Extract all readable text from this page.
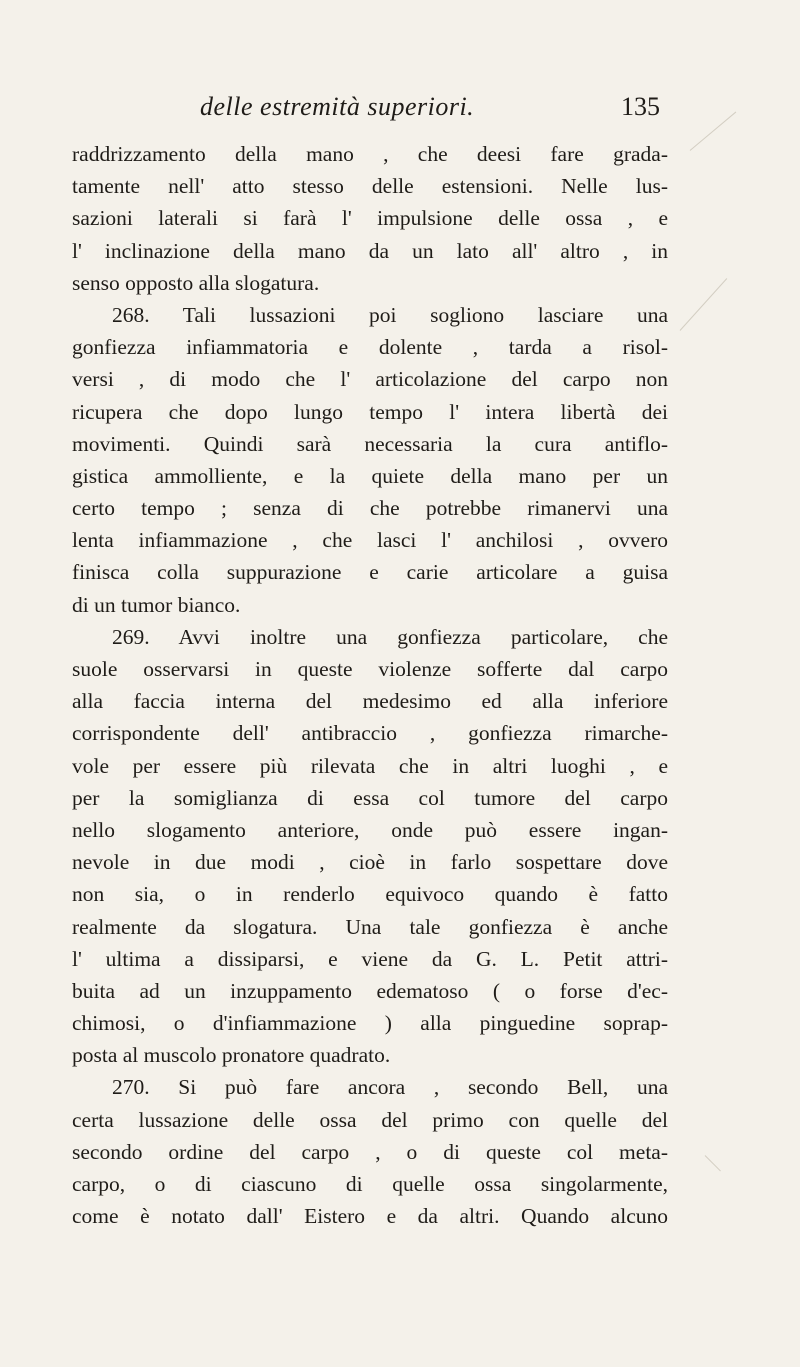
delle estremità superiori.	135
raddrizzamento della mano , che deesi fare grada-
tamente nell' atto stesso delle estensioni. Nelle lus-
sazioni laterali si farà l' impulsione delle ossa , e
l' inclinazione della mano da un lato all' altro , in
senso opposto alla slogatura.
268. Tali lussazioni poi sogliono lasciare una
gonfiezza infiammatoria e dolente , tarda a risol-
versi , di modo che l' articolazione del carpo non
ricupera che dopo lungo tempo l' intera libertà dei
movimenti. Quindi sarà necessaria la cura antiflo-
gistica ammolliente, e la quiete della mano per un
certo tempo ; senza di che potrebbe rimanervi una
lenta infiammazione , che lasci l' anchilosi , ovvero
finisca colla suppurazione e carie articolare a guisa
di un tumor bianco.
269. Avvi inoltre una gonfiezza particolare, che
suole osservarsi in queste violenze sofferte dal carpo
alla faccia interna del medesimo ed alla inferiore
corrispondente dell' antibraccio , gonfiezza rimarche-
vole per essere più rilevata che in altri luoghi , e
per la somiglianza di essa col tumore del carpo
nello slogamento anteriore, onde può essere ingan-
nevole in due modi , cioè in farlo sospettare dove
non sia, o in renderlo equivoco quando è fatto
realmente da slogatura. Una tale gonfiezza è anche
l' ultima a dissiparsi, e viene da G. L. Petit attri-
buita ad un inzuppamento edematoso ( o forse d'ec-
chimosi, o d'infiammazione ) alla pinguedine soprap-
posta al muscolo pronatore quadrato.
270. Si può fare ancora , secondo Bell, una
certa lussazione delle ossa del primo con quelle del
secondo ordine del carpo , o di queste col meta-
carpo, o di ciascuno di quelle ossa singolarmente,
come è notato dall' Eistero e da altri. Quando alcuno
